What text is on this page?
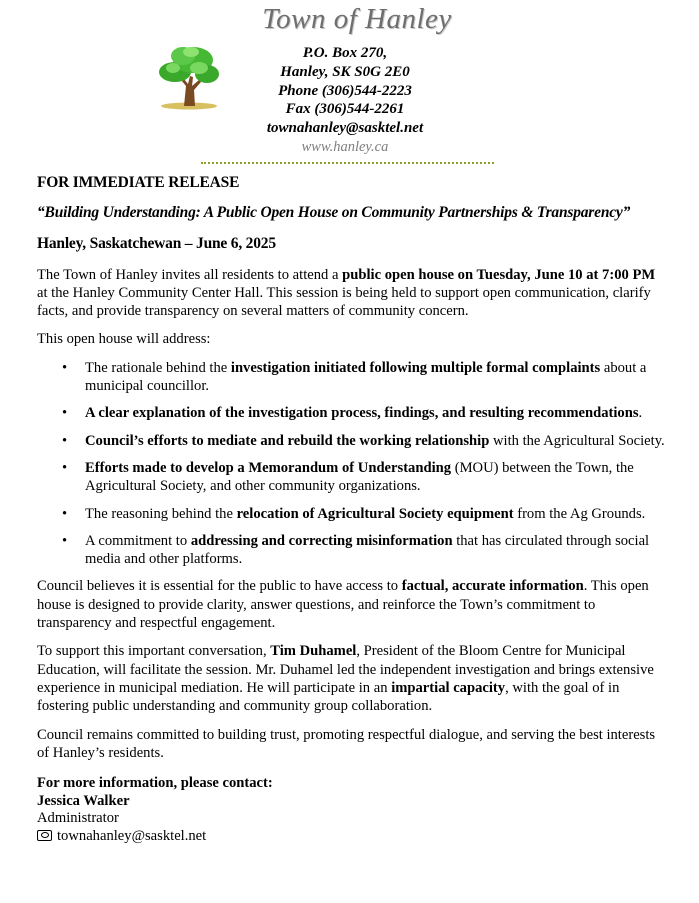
Town of Hanley
P.O. Box 270,
Hanley, SK S0G 2E0
Phone (306)544-2223
Fax (306)544-2261
townahanley@sasktel.net
www.hanley.ca

FOR IMMEDIATE RELEASE

“Building Understanding: A Public Open House on Community Partnerships & Transparency”

Hanley, Saskatchewan – June 6, 2025

The Town of Hanley invites all residents to attend a public open house on Tuesday, June 10 at 7:00 PM at the Hanley Community Center Hall. This session is being held to support open communication, clarify facts, and provide transparency on several matters of community concern.

This open house will address:

• The rationale behind the investigation initiated following multiple formal complaints about a municipal councillor.
• A clear explanation of the investigation process, findings, and resulting recommendations.
• Council’s efforts to mediate and rebuild the working relationship with the Agricultural Society.
• Efforts made to develop a Memorandum of Understanding (MOU) between the Town, the Agricultural Society, and other community organizations.
• The reasoning behind the relocation of Agricultural Society equipment from the Ag Grounds.
• A commitment to addressing and correcting misinformation that has circulated through social media and other platforms.

Council believes it is essential for the public to have access to factual, accurate information. This open house is designed to provide clarity, answer questions, and reinforce the Town’s commitment to transparency and respectful engagement.

To support this important conversation, Tim Duhamel, President of the Bloom Centre for Municipal Education, will facilitate the session. Mr. Duhamel led the independent investigation and brings extensive experience in municipal mediation. He will participate in an impartial capacity, with the goal of in fostering public understanding and community group collaboration.

Council remains committed to building trust, promoting respectful dialogue, and serving the best interests of Hanley’s residents.

For more information, please contact:
Jessica Walker
Administrator
townahanley@sasktel.net
